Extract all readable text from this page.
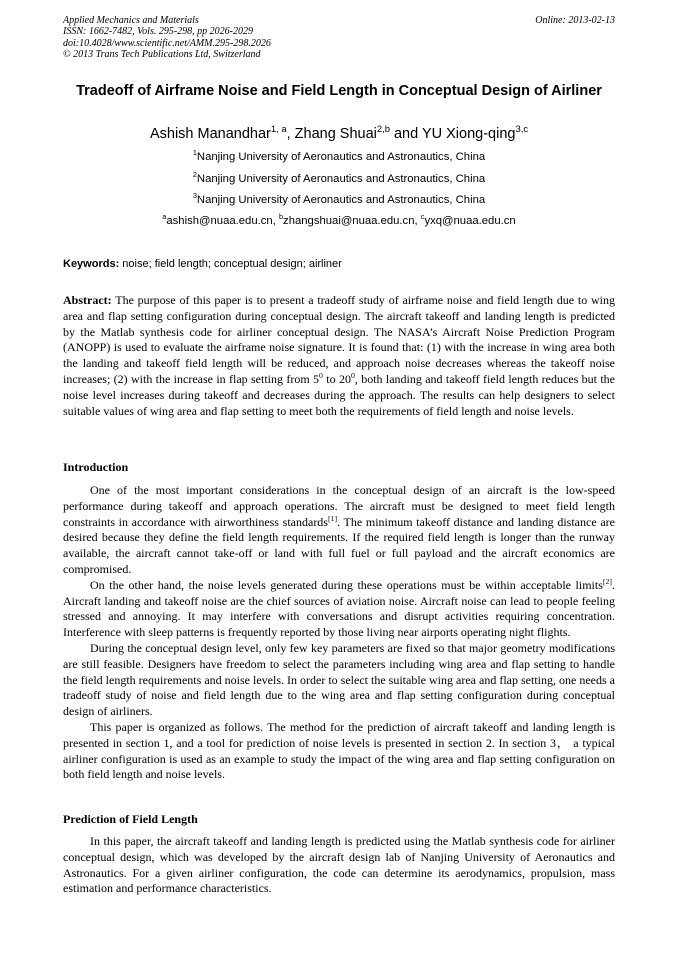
Applied Mechanics and Materials
ISSN: 1662-7482, Vols. 295-298, pp 2026-2029
doi:10.4028/www.scientific.net/AMM.295-298.2026
© 2013 Trans Tech Publications Ltd, Switzerland
Online: 2013-02-13
Tradeoff of Airframe Noise and Field Length in Conceptual Design of Airliner
Ashish Manandhar$^{1, a}$, Zhang Shuai$^{2,b}$ and YU Xiong-qing$^{3,c}$
$^1$Nanjing University of Aeronautics and Astronautics, China
$^2$Nanjing University of Aeronautics and Astronautics, China
$^3$Nanjing University of Aeronautics and Astronautics, China
$^a$ashish@nuaa.edu.cn, $^b$zhangshuai@nuaa.edu.cn, $^c$yxq@nuaa.edu.cn
Keywords: noise; field length; conceptual design; airliner
Abstract: The purpose of this paper is to present a tradeoff study of airframe noise and field length due to wing area and flap setting configuration during conceptual design. The aircraft takeoff and landing length is predicted by the Matlab synthesis code for airliner conceptual design. The NASA’s Aircraft Noise Prediction Program (ANOPP) is used to evaluate the airframe noise signature. It is found that: (1) with the increase in wing area both the landing and takeoff field length will be reduced, and approach noise decreases whereas the takeoff noise increases; (2) with the increase in flap setting from $5^0$ to $20^0$, both landing and takeoff field length reduces but the noise level increases during takeoff and decreases during the approach. The results can help designers to select suitable values of wing area and flap setting to meet both the requirements of field length and noise levels.
Introduction

One of the most important considerations in the conceptual design of an aircraft is the low-speed performance during takeoff and approach operations. The aircraft must be designed to meet field length constraints in accordance with airworthiness standards[1]. The minimum takeoff distance and landing distance are desired because they define the field length requirements. If the required field length is longer than the runway available, the aircraft cannot take-off or land with full fuel or full payload and the aircraft economics are compromised.

On the other hand, the noise levels generated during these operations must be within acceptable limits[2]. Aircraft landing and takeoff noise are the chief sources of aviation noise. Aircraft noise can lead to people feeling stressed and annoying. It may interfere with conversations and disrupt activities requiring concentration. Interference with sleep patterns is frequently reported by those living near airports operating night flights.

During the conceptual design level, only few key parameters are fixed so that major geometry modifications are still feasible. Designers have freedom to select the parameters including wing area and flap setting to handle the field length requirements and noise levels. In order to select the suitable wing area and flap setting, one needs a tradeoff study of noise and field length due to the wing area and flap setting configuration during conceptual design of airliners.

This paper is organized as follows. The method for the prediction of aircraft takeoff and landing length is presented in section 1, and a tool for prediction of noise levels is presented in section 2. In section 3， a typical airliner configuration is used as an example to study the impact of the wing area and flap setting configuration on both field length and noise levels.

Prediction of Field Length

In this paper, the aircraft takeoff and landing length is predicted using the Matlab synthesis code for airliner conceptual design, which was developed by the aircraft design lab of Nanjing University of Aeronautics and Astronautics. For a given airliner configuration, the code can determine its aerodynamics, propulsion, mass estimation and performance characteristics.
